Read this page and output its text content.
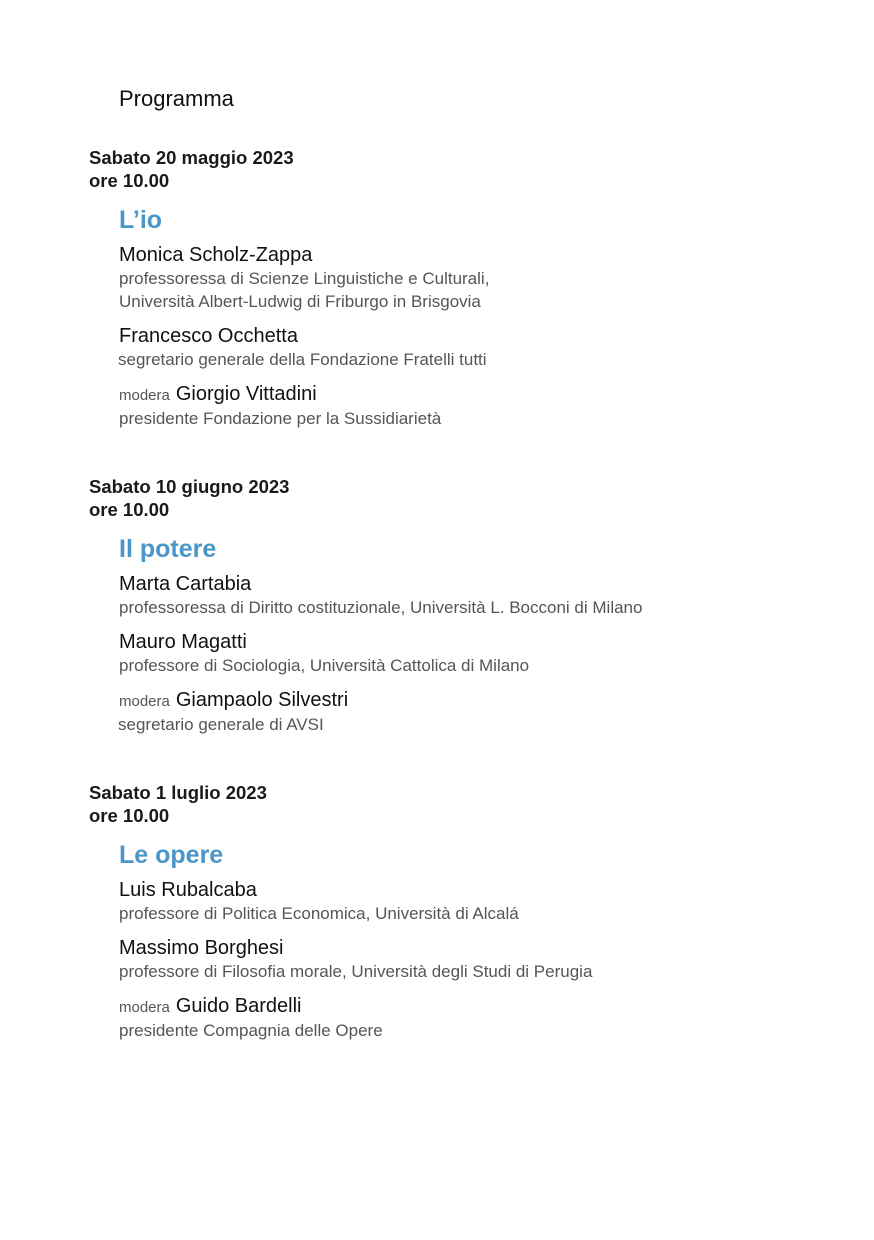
Programma
Sabato 20 maggio 2023
ore 10.00
L’io
Monica Scholz-Zappa
professoressa di Scienze Linguistiche e Culturali,
Università Albert-Ludwig di Friburgo in Brisgovia
Francesco Occhetta
segretario generale della Fondazione Fratelli tutti
modera Giorgio Vittadini
presidente Fondazione per la Sussidiarietà
Sabato 10 giugno 2023
ore 10.00
Il potere
Marta Cartabia
professoressa di Diritto costituzionale, Università L. Bocconi di Milano
Mauro Magatti
professore di Sociologia, Università Cattolica di Milano
modera Giampaolo Silvestri
segretario generale di AVSI
Sabato 1 luglio 2023
ore 10.00
Le opere
Luis Rubalcaba
professore di Politica Economica, Università di Alcalá
Massimo Borghesi
professore di Filosofia morale, Università degli Studi di Perugia
modera Guido Bardelli
presidente Compagnia delle Opere
